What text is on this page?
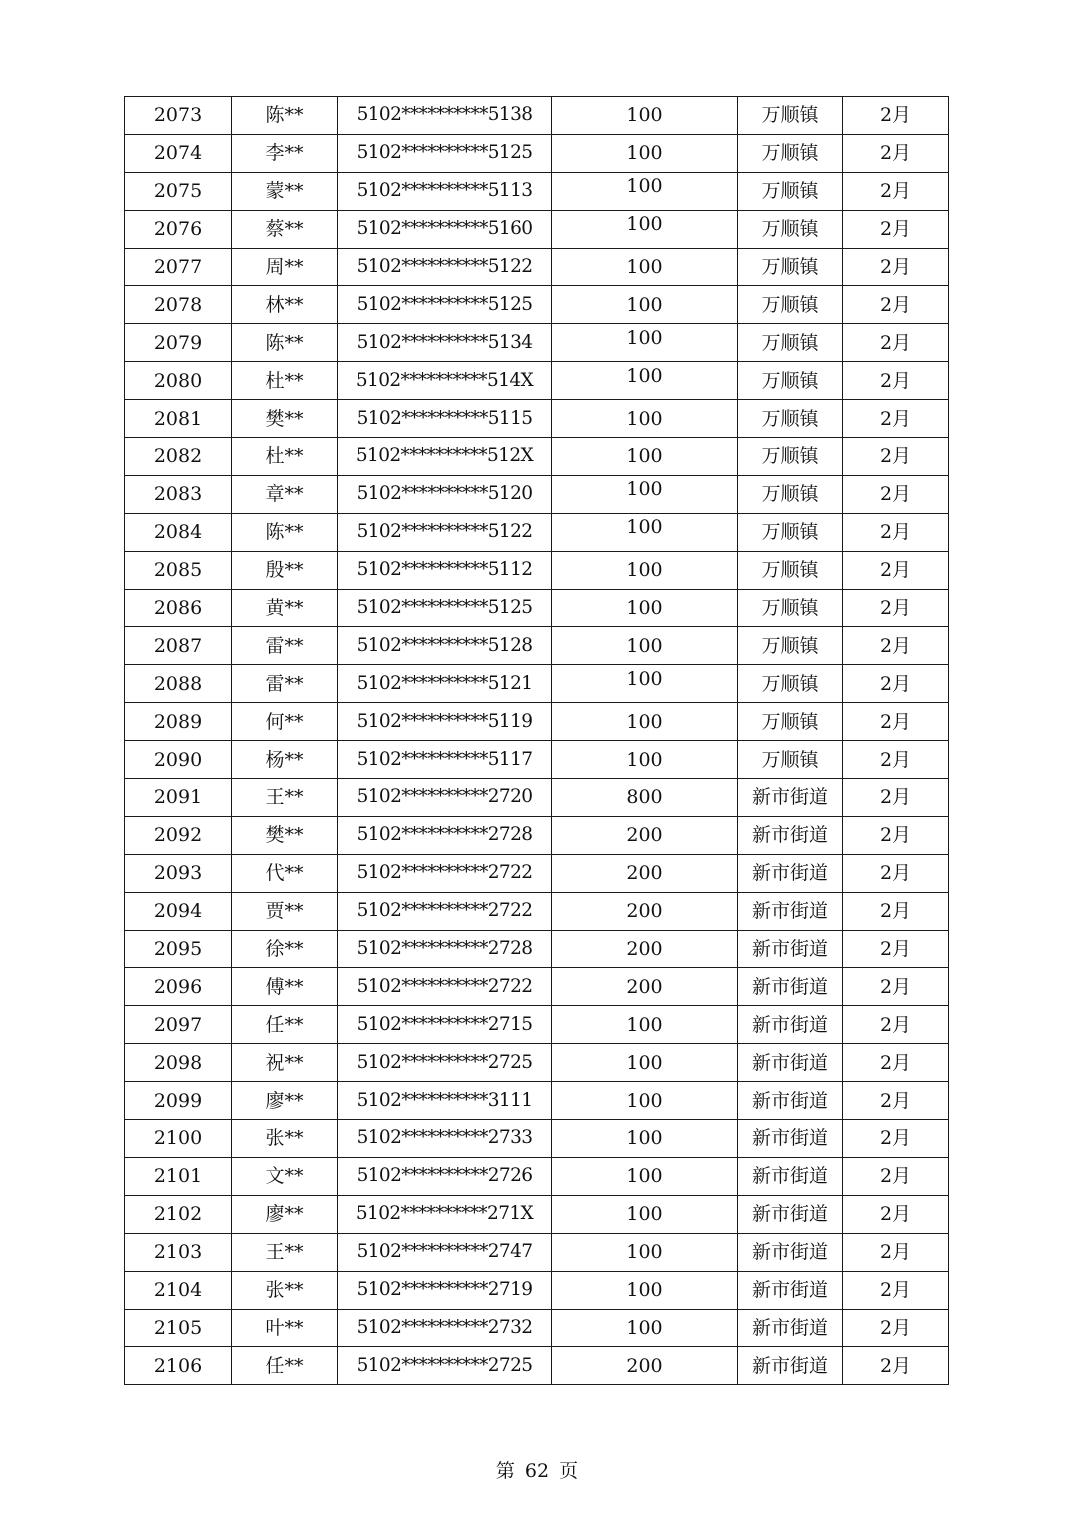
2073	陈**	5102**********5138	100	万顺镇	2月
2074	李**	5102**********5125	100	万顺镇	2月
2075	蒙**	5102**********5113	100	万顺镇	2月
2076	蔡**	5102**********5160	100	万顺镇	2月
2077	周**	5102**********5122	100	万顺镇	2月
2078	林**	5102**********5125	100	万顺镇	2月
2079	陈**	5102**********5134	100	万顺镇	2月
2080	杜**	5102**********514X	100	万顺镇	2月
2081	樊**	5102**********5115	100	万顺镇	2月
2082	杜**	5102**********512X	100	万顺镇	2月
2083	章**	5102**********5120	100	万顺镇	2月
2084	陈**	5102**********5122	100	万顺镇	2月
2085	殷**	5102**********5112	100	万顺镇	2月
2086	黄**	5102**********5125	100	万顺镇	2月
2087	雷**	5102**********5128	100	万顺镇	2月
2088	雷**	5102**********5121	100	万顺镇	2月
2089	何**	5102**********5119	100	万顺镇	2月
2090	杨**	5102**********5117	100	万顺镇	2月
2091	王**	5102**********2720	800	新市街道	2月
2092	樊**	5102**********2728	200	新市街道	2月
2093	代**	5102**********2722	200	新市街道	2月
2094	贾**	5102**********2722	200	新市街道	2月
2095	徐**	5102**********2728	200	新市街道	2月
2096	傅**	5102**********2722	200	新市街道	2月
2097	任**	5102**********2715	100	新市街道	2月
2098	祝**	5102**********2725	100	新市街道	2月
2099	廖**	5102**********3111	100	新市街道	2月
2100	张**	5102**********2733	100	新市街道	2月
2101	文**	5102**********2726	100	新市街道	2月
2102	廖**	5102**********271X	100	新市街道	2月
2103	王**	5102**********2747	100	新市街道	2月
2104	张**	5102**********2719	100	新市街道	2月
2105	叶**	5102**********2732	100	新市街道	2月
2106	任**	5102**********2725	200	新市街道	2月
第 62 页
